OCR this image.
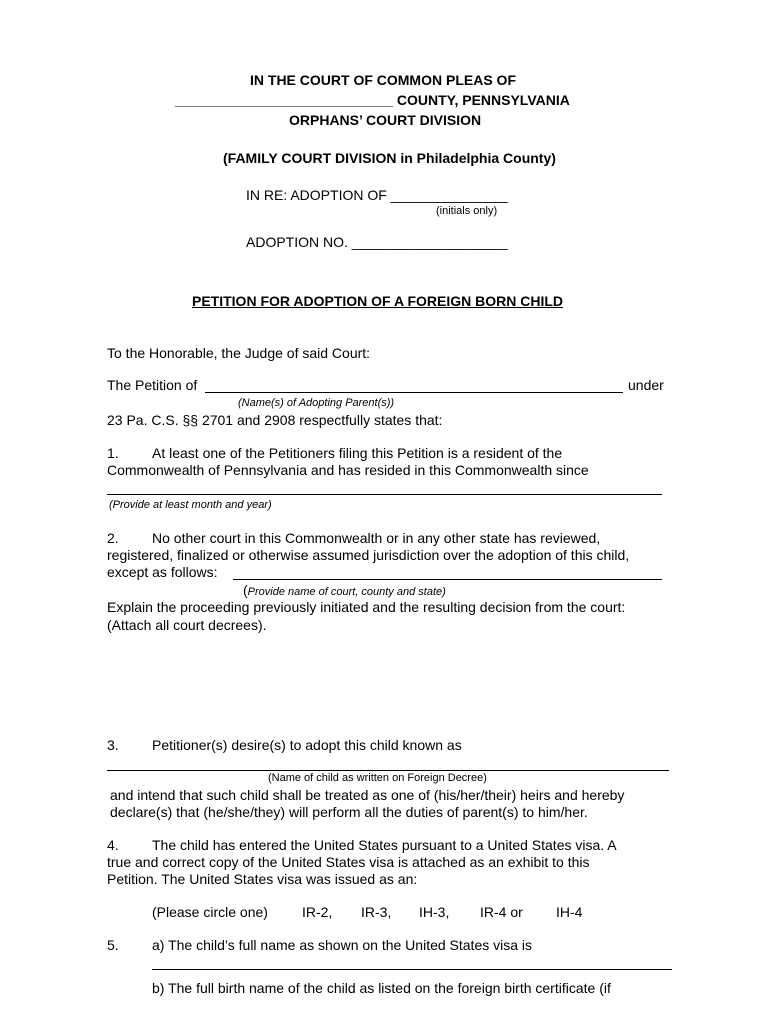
IN THE COURT OF COMMON PLEAS OF
____________________________ COUNTY, PENNSYLVANIA
ORPHANS’ COURT DIVISION
(FAMILY COURT DIVISION in Philadelphia County)
IN RE: ADOPTION OF _______________
(initials only)
ADOPTION NO. ____________________
PETITION FOR ADOPTION OF A FOREIGN BORN CHILD
To the Honorable, the Judge of said Court:
The Petition of	under
(Name(s) of Adopting Parent(s))
23 Pa. C.S. §§ 2701 and 2908 respectfully states that:
1. At least one of the Petitioners filing this Petition is a resident of the
Commonwealth of Pennsylvania and has resided in this Commonwealth since
(Provide at least month and year)
2. No other court in this Commonwealth or in any other state has reviewed,
registered, finalized or otherwise assumed jurisdiction over the adoption of this child,
except as follows:
(Provide name of court, county and state)
Explain the proceeding previously initiated and the resulting decision from the court:
(Attach all court decrees).
3. Petitioner(s) desire(s) to adopt this child known as
(Name of child as written on Foreign Decree)
and intend that such child shall be treated as one of (his/her/their) heirs and hereby
declare(s) that (he/she/they) will perform all the duties of parent(s) to him/her.
4. The child has entered the United States pursuant to a United States visa. A
true and correct copy of the United States visa is attached as an exhibit to this
Petition. The United States visa was issued as an:
(Please circle one) IR-2, IR-3, IH-3, IR-4 or IH-4
5. a) The child’s full name as shown on the United States visa is
b) The full birth name of the child as listed on the foreign birth certificate (if
